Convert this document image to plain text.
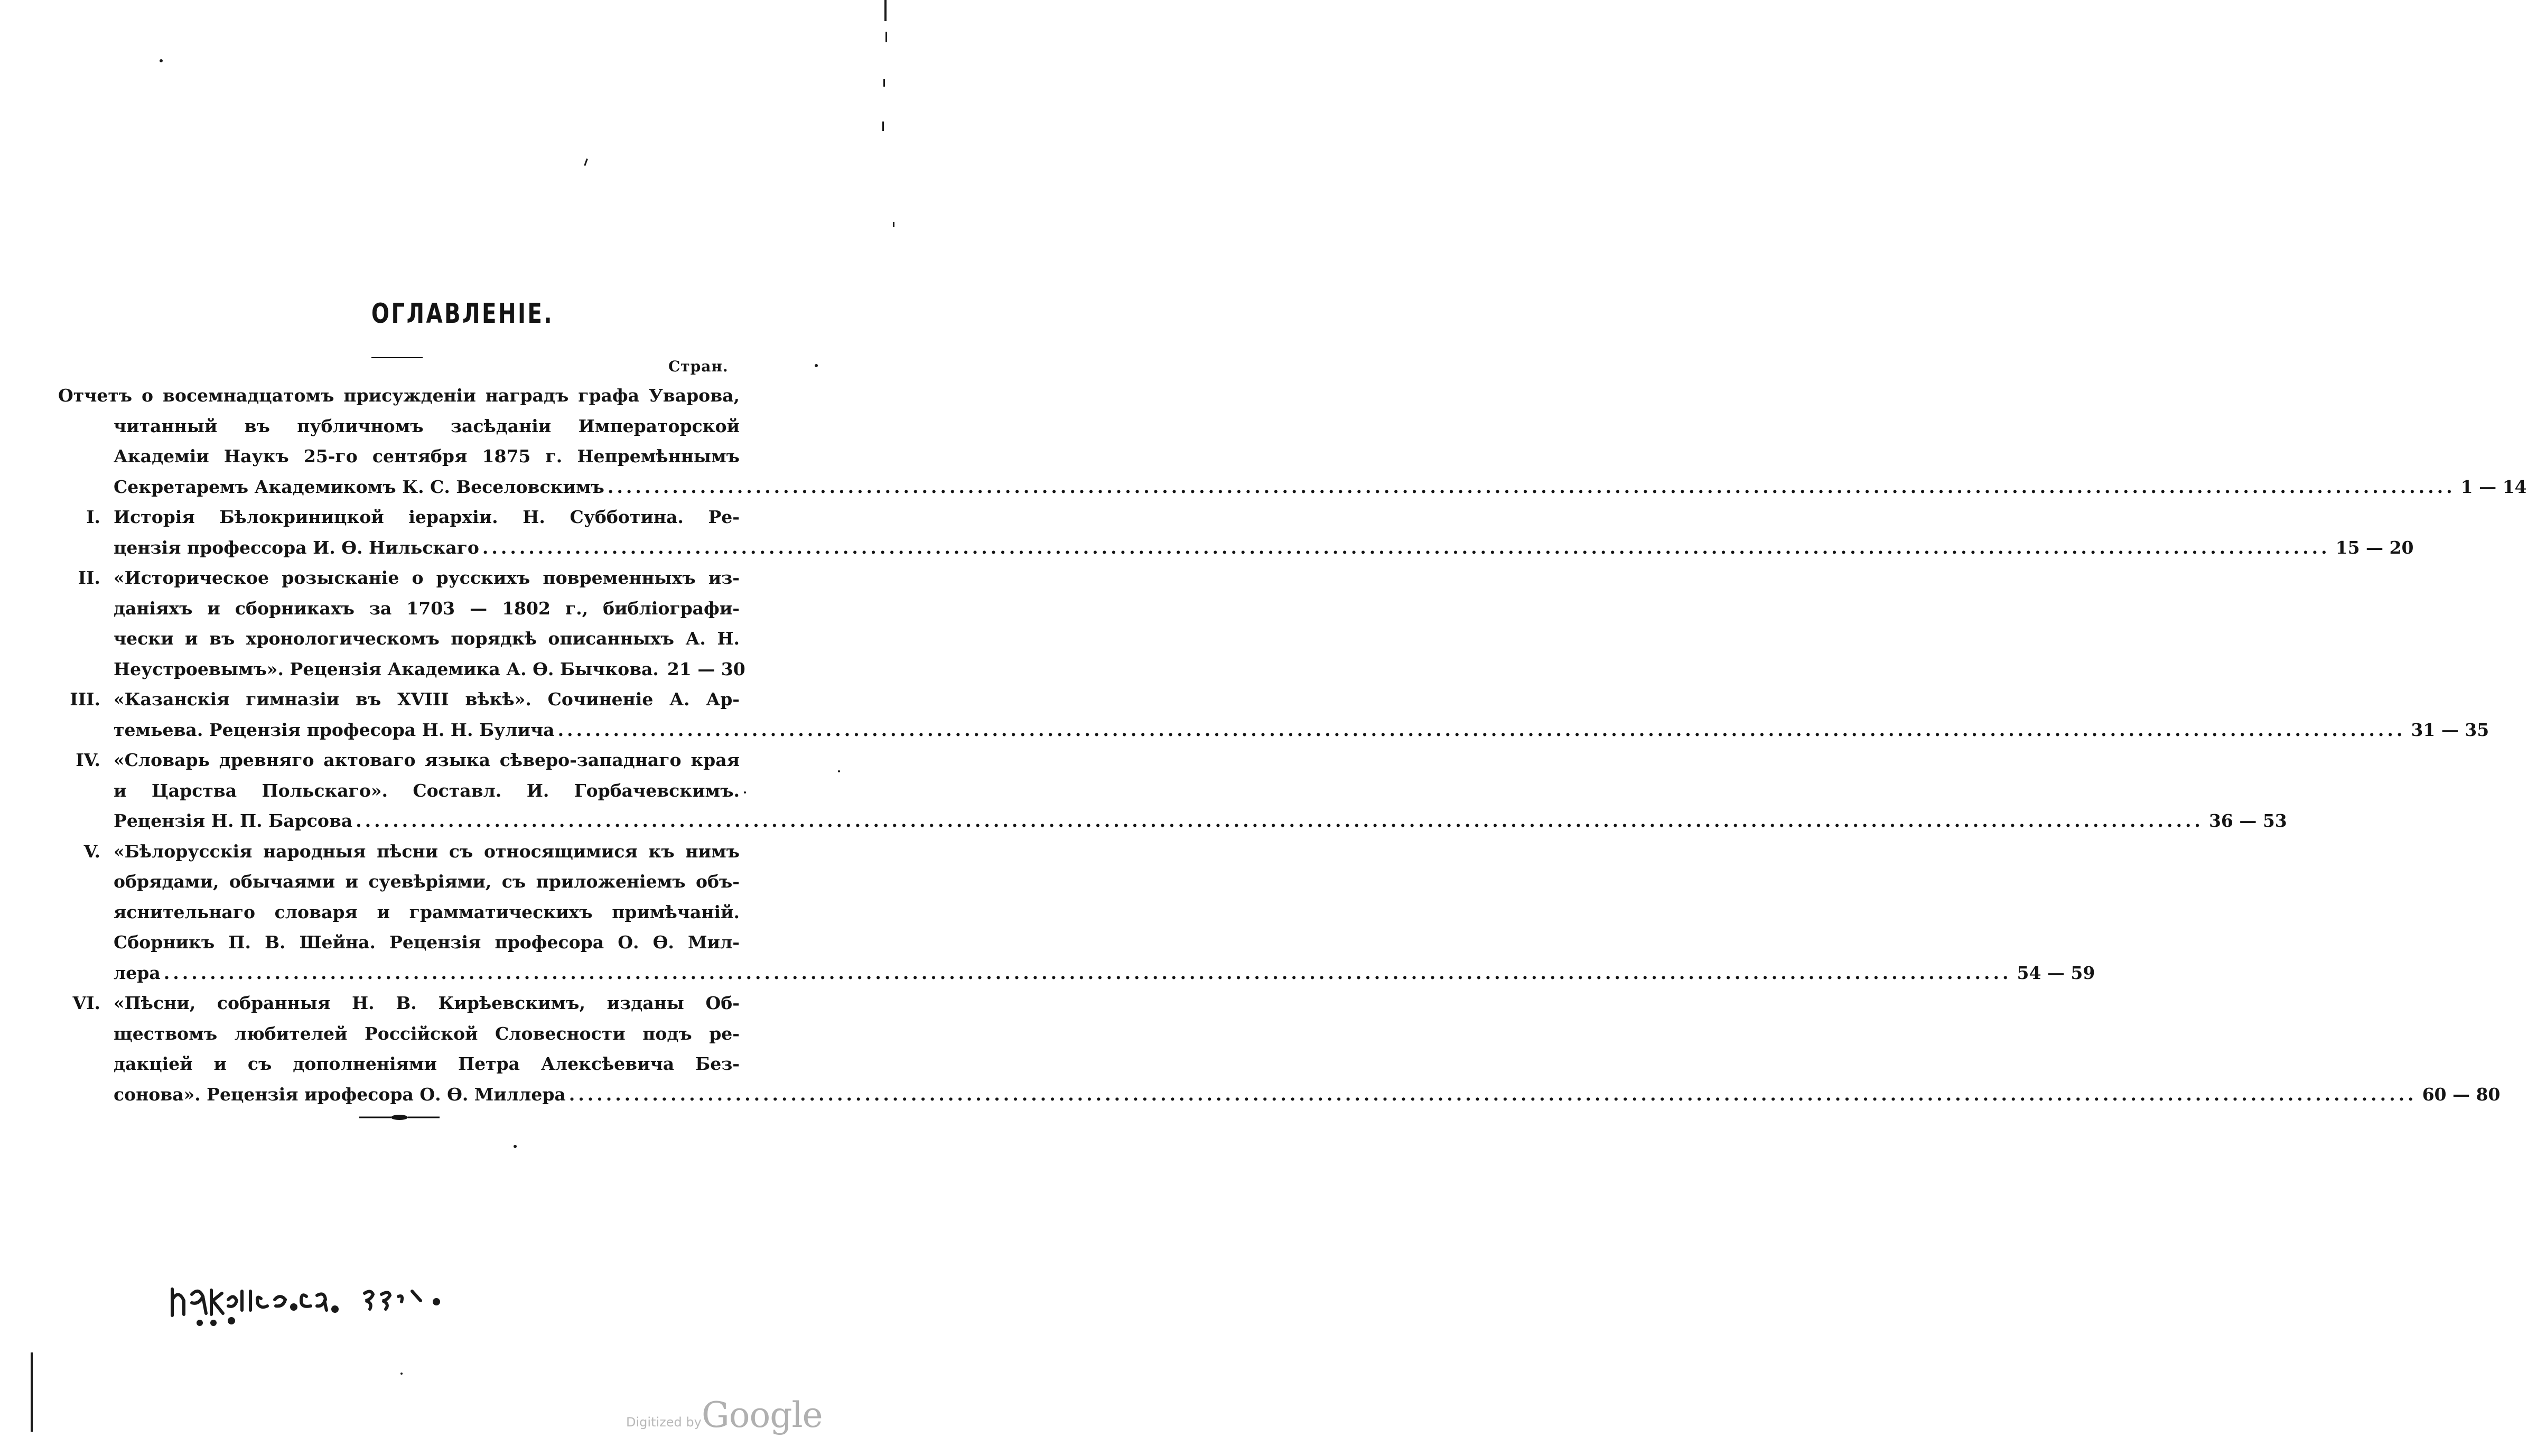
ОГЛАВЛЕНІЕ.
Стран.
Отчетъ о восемнадцатомъ присужденіи наградъ графа Уварова,
читанный въ публичномъ засѣданіи Императорской
Академіи Наукъ 25-го сентября 1875 г. Непремѣннымъ
Секретаремъ Академикомъ К. С. Веселовскимъ ........................................................................................................................................................................................................ 1 — 14
I. Исторія Бѣлокриницкой іерархіи. Н. Субботина. Ре-
цензія профессора И. Ѳ. Нильскаго ........................................................................................................................................................................................................ 15 — 20
II. «Историческое розысканіе о русскихъ повременныхъ из-
даніяхъ и сборникахъ за 1703 — 1802 г., библіографи-
чески и въ хронологическомъ порядкѣ описанныхъ А. Н.
Неустроевымъ». Рецензія Академика А. Ѳ. Бычкова. 21 — 30
III. «Казанскія гимназіи въ XVIII вѣкѣ». Сочиненіе А. Ар-
темьева. Рецензія професора Н. Н. Булича ........................................................................................................................................................................................................ 31 — 35
IV. «Словарь древняго актоваго языка сѣверо-западнаго края
и Царства Польскаго». Составл. И. Горбачевскимъ.
Рецензія Н. П. Барсова ........................................................................................................................................................................................................ 36 — 53
V. «Бѣлорусскія народныя пѣсни съ относящимися къ нимъ
обрядами, обычаями и суевѣріями, съ приложеніемъ объ-
яснительнаго словаря и грамматическихъ примѣчаній.
Сборникъ П. В. Шейна. Рецензія професора О. Ѳ. Мил-
лера ........................................................................................................................................................................................................ 54 — 59
VI. «Пѣсни, собранныя Н. В. Кирѣевскимъ, изданы Об-
ществомъ любителей Россійской Словесности подъ ре-
дакціей и съ дополненіями Петра Алексѣевича Без-
сонова». Рецензія ирофесора О. Ѳ. Миллера ........................................................................................................................................................................................................ 60 — 80
Digitized by Google
